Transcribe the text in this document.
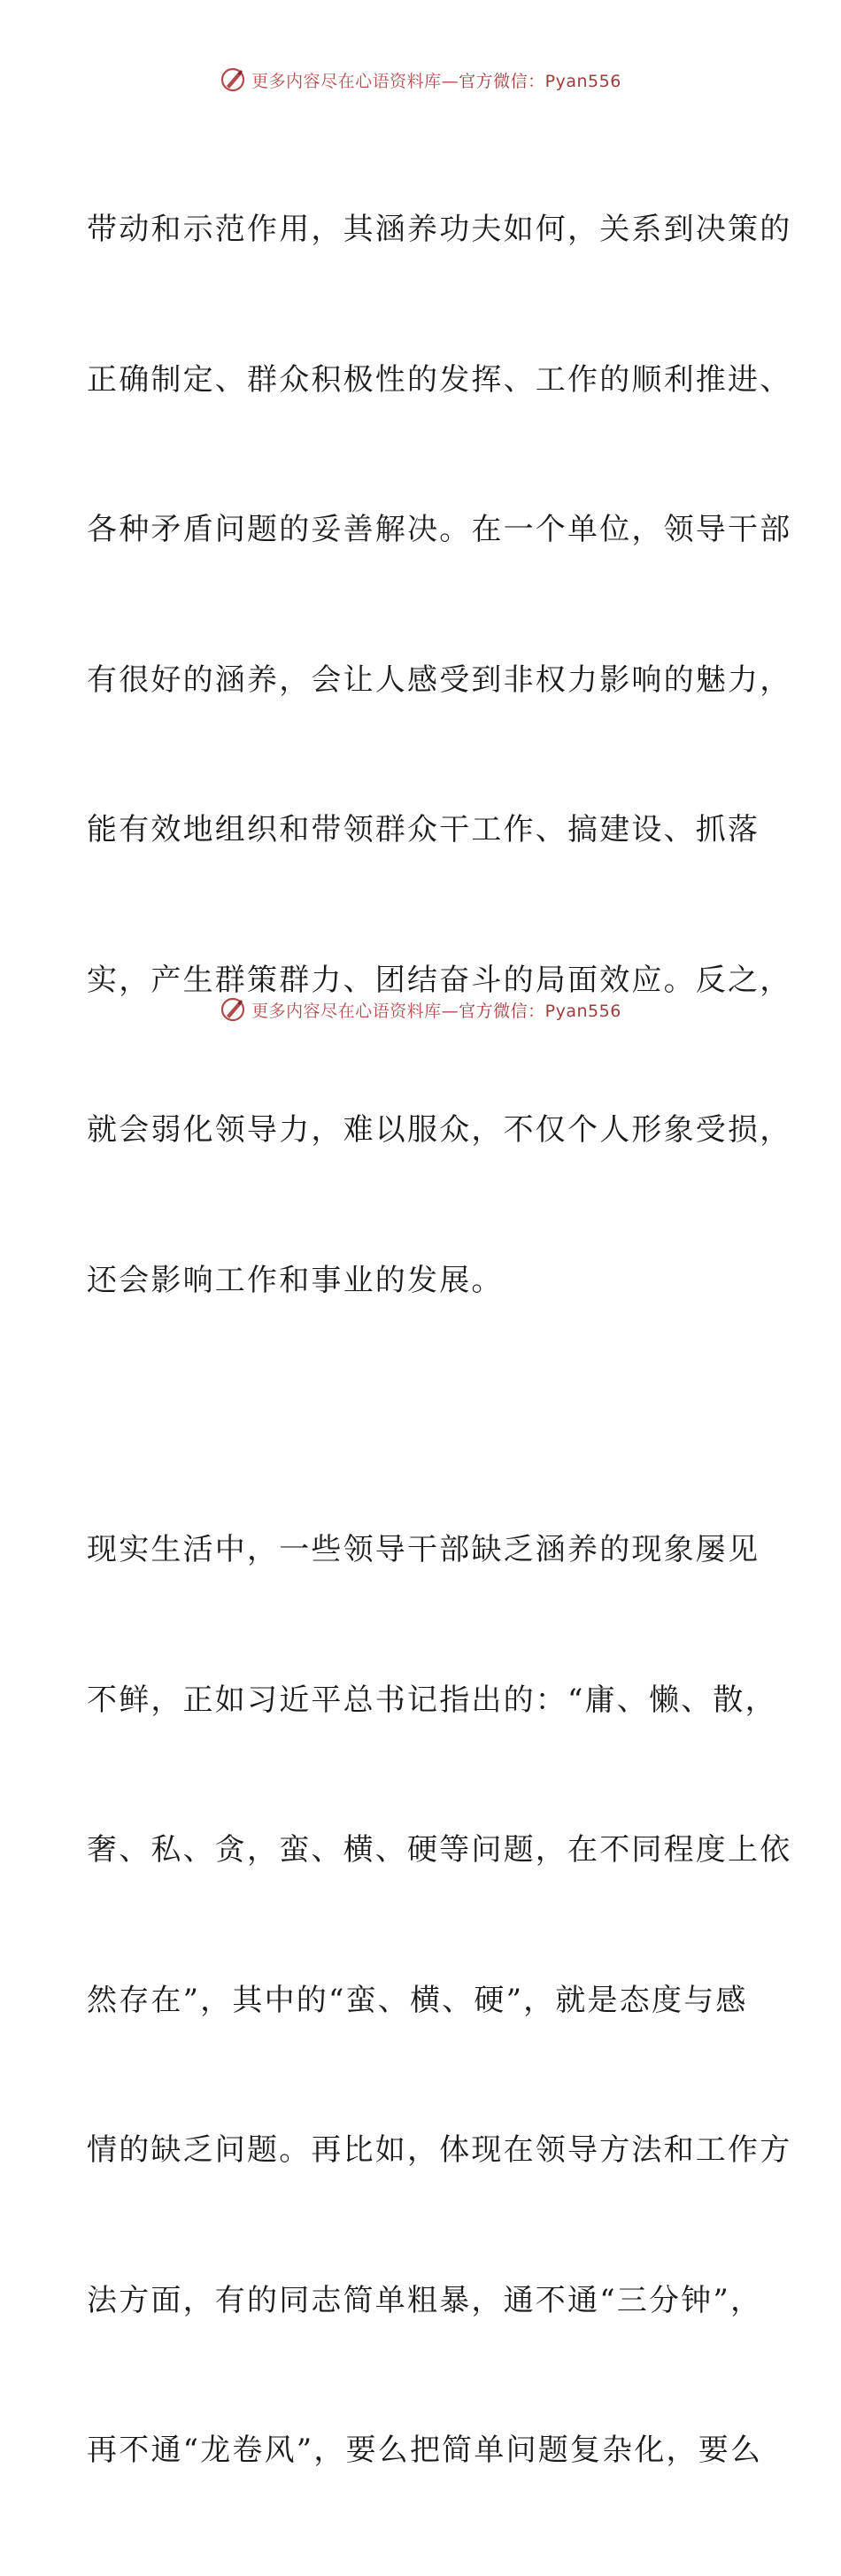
更多内容尽在心语资料库—官方微信：Pyan556

带动和示范作用，其涵养功夫如何，关系到决策的

正确制定、群众积极性的发挥、工作的顺利推进、

各种矛盾问题的妥善解决。在一个单位，领导干部

有很好的涵养，会让人感受到非权力影响的魅力，

能有效地组织和带领群众干工作、搞建设、抓落

实，产生群策群力、团结奋斗的局面效应。反之，

就会弱化领导力，难以服众，不仅个人形象受损，

还会影响工作和事业的发展。

现实生活中，一些领导干部缺乏涵养的现象屡见

不鲜，正如习近平总书记指出的：“庸、懒、散，

奢、私、贪，蛮、横、硬等问题，在不同程度上依

然存在”，其中的“蛮、横、硬”，就是态度与感

情的缺乏问题。再比如，体现在领导方法和工作方

法方面，有的同志简单粗暴，通不通“三分钟”，

再不通“龙卷风”，要么把简单问题复杂化，要么

更多内容尽在心语资料库—官方微信：Pyan556
